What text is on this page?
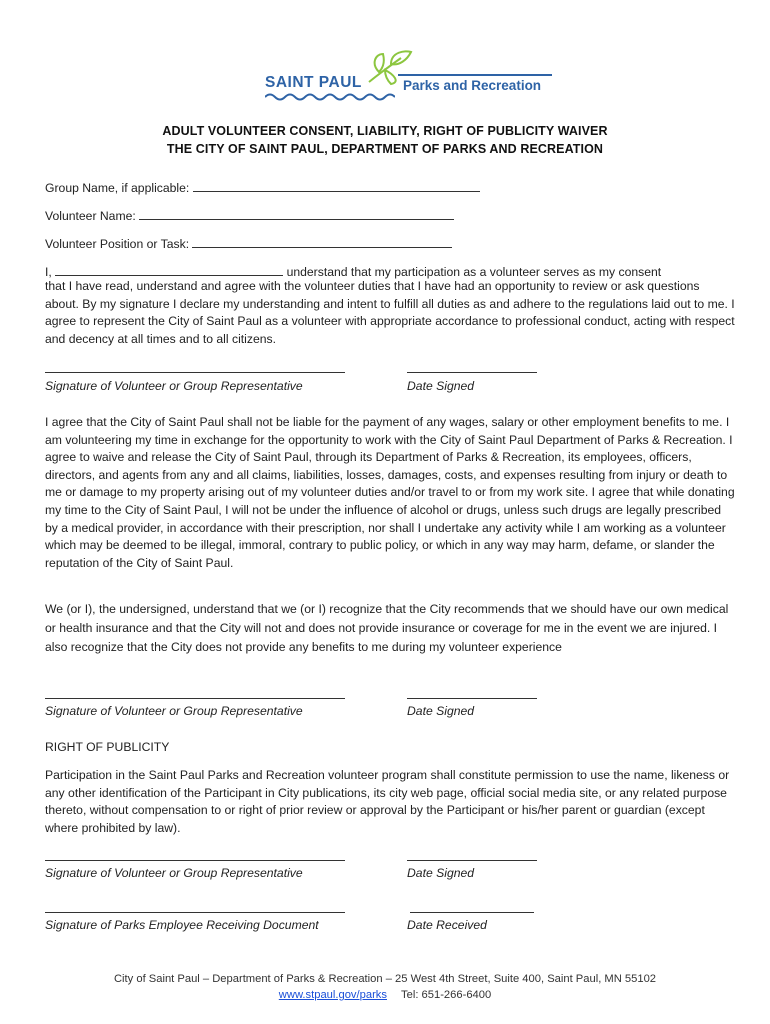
SAINT PAUL	Parks and Recreation
ADULT VOLUNTEER CONSENT, LIABILITY, RIGHT OF PUBLICITY WAIVER
THE CITY OF SAINT PAUL, DEPARTMENT OF PARKS AND RECREATION
Group Name, if applicable:
Volunteer Name:
Volunteer Position or Task:
I,	understand that my participation as a volunteer serves as my consent

that I have read, understand and agree with the volunteer duties that I have had an opportunity to review or ask questions about. By my signature I declare my understanding and intent to fulfill all duties as and adhere to the regulations laid out to me. I agree to represent the City of Saint Paul as a volunteer with appropriate accordance to professional conduct, acting with respect and decency at all times and to all citizens.

Signature of Volunteer or Group Representative	Date Signed

I agree that the City of Saint Paul shall not be liable for the payment of any wages, salary or other employment benefits to me. I am volunteering my time in exchange for the opportunity to work with the City of Saint Paul Department of Parks & Recreation. I agree to waive and release the City of Saint Paul, through its Department of Parks & Recreation, its employees, officers, directors, and agents from any and all claims, liabilities, losses, damages, costs, and expenses resulting from injury or death to me or damage to my property arising out of my volunteer duties and/or travel to or from my work site. I agree that while donating my time to the City of Saint Paul, I will not be under the influence of alcohol or drugs, unless such drugs are legally prescribed by a medical provider, in accordance with their prescription, nor shall I undertake any activity while I am working as a volunteer which may be deemed to be illegal, immoral, contrary to public policy, or which in any way may harm, defame, or slander the reputation of the City of Saint Paul.

We (or I), the undersigned, understand that we (or I) recognize that the City recommends that we should have our own medical or health insurance and that the City will not and does not provide insurance or coverage for me in the event we are injured. I also recognize that the City does not provide any benefits to me during my volunteer experience

Signature of Volunteer or Group Representative	Date Signed
RIGHT OF PUBLICITY

Participation in the Saint Paul Parks and Recreation volunteer program shall constitute permission to use the name, likeness or any other identification of the Participant in City publications, its city web page, official social media site, or any related purpose thereto, without compensation to or right of prior review or approval by the Participant or his/her parent or guardian (except where prohibited by law).

Signature of Volunteer or Group Representative	Date Signed
Signature of Parks Employee Receiving Document	Date Received
City of Saint Paul – Department of Parks & Recreation – 25 West 4th Street, Suite 400, Saint Paul, MN 55102
www.stpaul.gov/parks Tel: 651-266-6400
